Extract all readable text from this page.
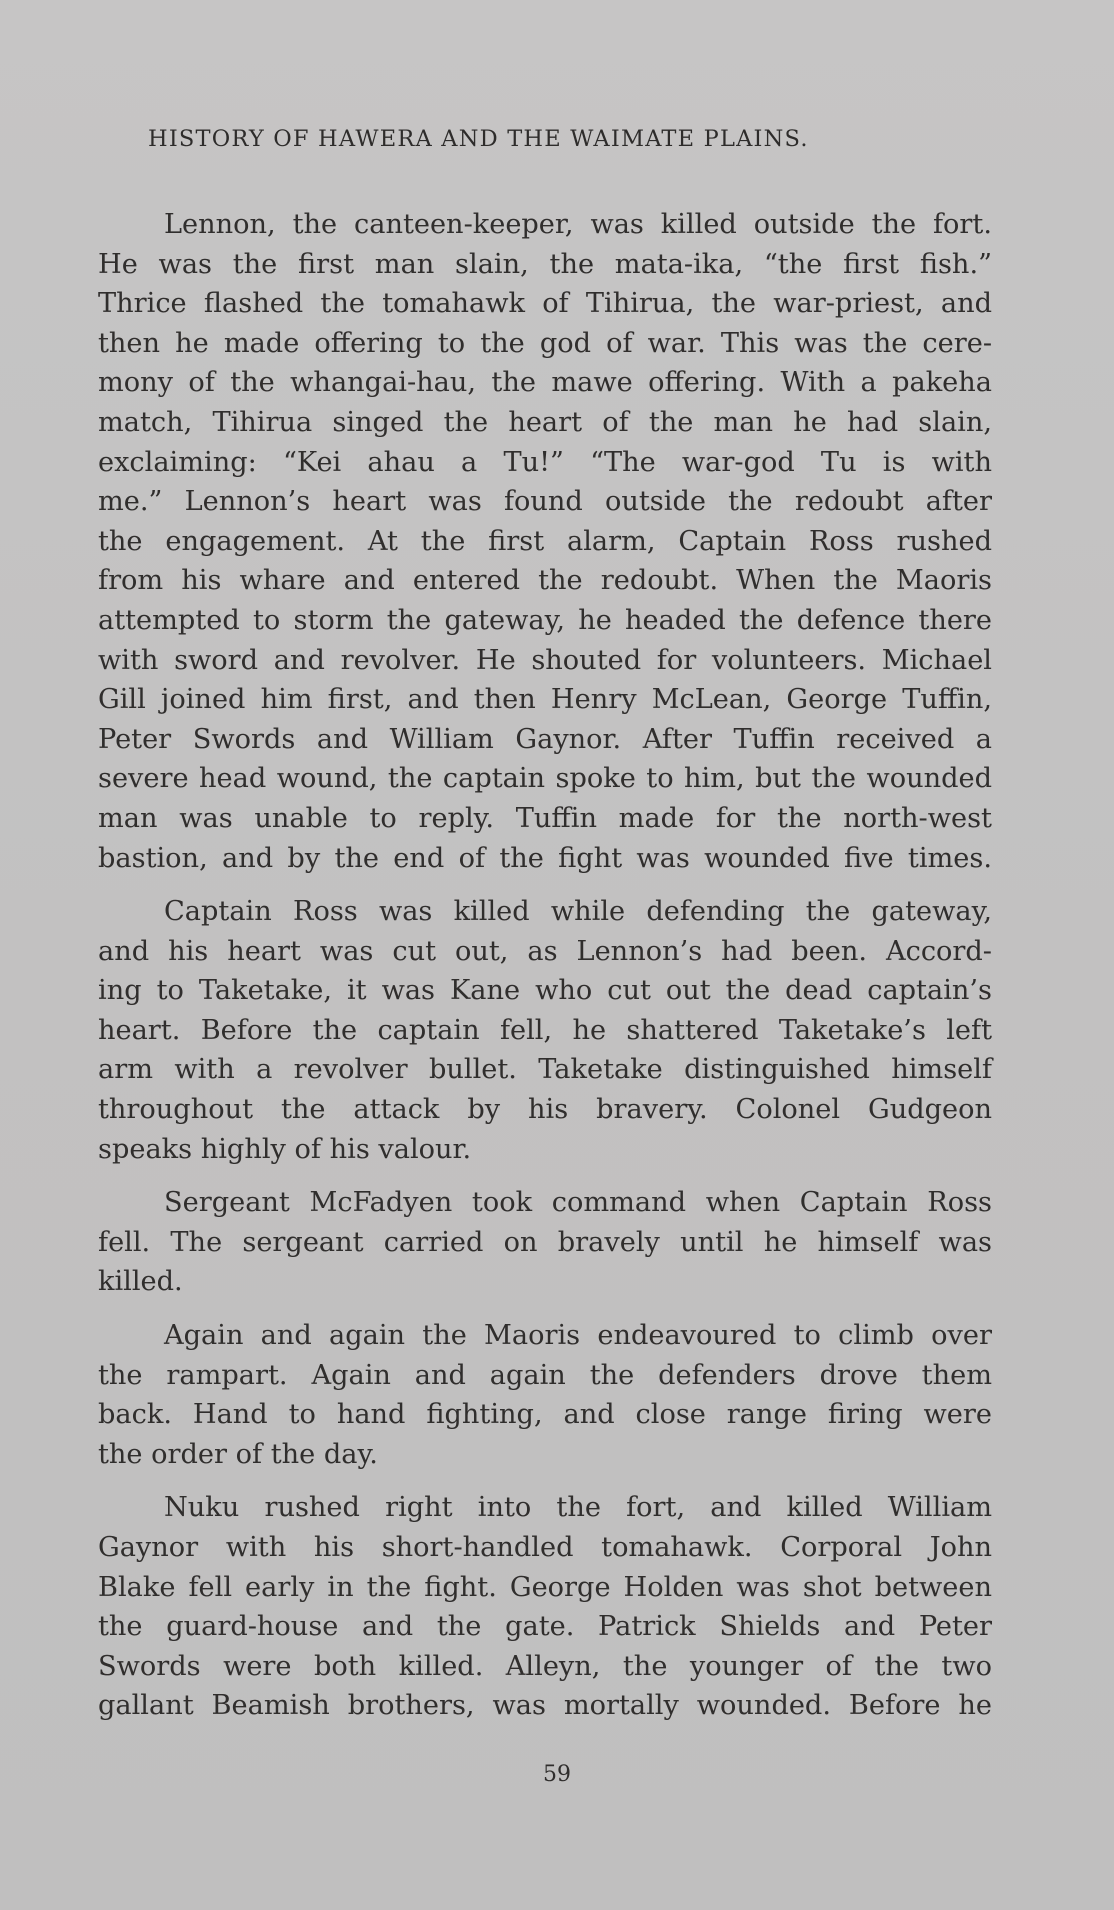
HISTORY OF HAWERA AND THE WAIMATE PLAINS.

Lennon, the canteen-keeper, was killed outside the fort.
He was the first man slain, the mata-ika, “the first fish.”
Thrice flashed the tomahawk of Tihirua, the war-priest, and
then he made offering to the god of war. This was the cere-
mony of the whangai-hau, the mawe offering. With a pakeha
match, Tihirua singed the heart of the man he had slain,
exclaiming: “Kei ahau a Tu!” “The war-god Tu is with
me.” Lennon’s heart was found outside the redoubt after
the engagement. At the first alarm, Captain Ross rushed
from his whare and entered the redoubt. When the Maoris
attempted to storm the gateway, he headed the defence there
with sword and revolver. He shouted for volunteers. Michael
Gill joined him first, and then Henry McLean, George Tuffin,
Peter Swords and William Gaynor. After Tuffin received a
severe head wound, the captain spoke to him, but the wounded
man was unable to reply. Tuffin made for the north-west
bastion, and by the end of the fight was wounded five times.

Captain Ross was killed while defending the gateway,
and his heart was cut out, as Lennon’s had been. Accord-
ing to Taketake, it was Kane who cut out the dead captain’s
heart. Before the captain fell, he shattered Taketake’s left
arm with a revolver bullet. Taketake distinguished himself
throughout the attack by his bravery. Colonel Gudgeon
speaks highly of his valour.

Sergeant McFadyen took command when Captain Ross
fell. The sergeant carried on bravely until he himself was
killed.

Again and again the Maoris endeavoured to climb over
the rampart. Again and again the defenders drove them
back. Hand to hand fighting, and close range firing were
the order of the day.

Nuku rushed right into the fort, and killed William
Gaynor with his short-handled tomahawk. Corporal John
Blake fell early in the fight. George Holden was shot between
the guard-house and the gate. Patrick Shields and Peter
Swords were both killed. Alleyn, the younger of the two
gallant Beamish brothers, was mortally wounded. Before he

59
